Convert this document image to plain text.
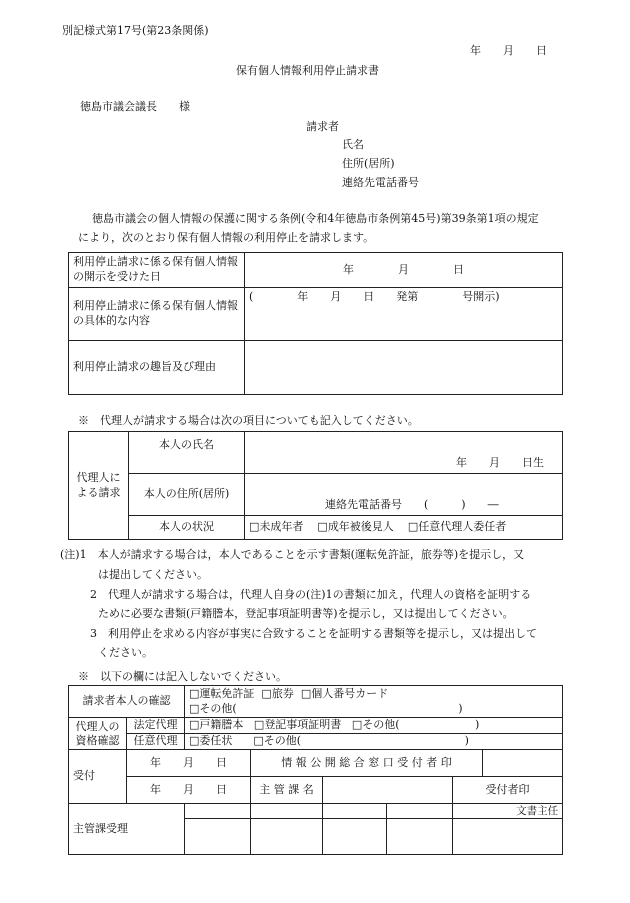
別記様式第17号(第23条関係)
年　　月　　日
保有個人情報利用停止請求書
徳島市議会議長　　様
請求者
氏名
住所(居所)
連絡先電話番号
徳島市議会の個人情報の保護に関する条例(令和4年徳島市条例第45号)第39条第1項の規定
により，次のとおり保有個人情報の利用停止を請求します。
利用停止請求に係る保有個人情報の開示を受けた日	年　　　　月　　　　日
利用停止請求に係る保有個人情報の具体的な内容	(　　　　年　　月　　日　　発第　　　　号開示)
利用停止請求の趣旨及び理由	
※　代理人が請求する場合は次の項目についても記入してください。
代理人による請求	本人の氏名	年　　月　　日生
	本人の住所(居所)	連絡先電話番号　　(　　　)　　―
	本人の状況	□ 未成年者 □ 成年被後見人 □ 任意代理人委任者
(注)1　本人が請求する場合は，本人であることを示す書類(運転免許証，旅券等)を提示し，又
は提出してください。
2　代理人が請求する場合は，代理人自身の(注)1の書類に加え，代理人の資格を証明する
ために必要な書類(戸籍謄本，登記事項証明書等)を提示し，又は提出してください。
3　利用停止を求める内容が事実に合致することを証明する書類等を提示し，又は提出して
ください。
※　以下の欄には記入しないでください。
請求者本人の確認		□ 運転免許証 □ 旅券 □ 個人番号カード
□ その他( )
代理人の資格確認	法定代理	□ 戸籍謄本 □ 登記事項証明書 □ その他( )
	任意代理	□ 委任状 □ その他( )
受付	年　　月　　日		情 報 公 開 総 合 窓 口 受 付 者 印					
	年　　月　　日		主 管 課 名			受付者印		
主管課受理						文書主任		
